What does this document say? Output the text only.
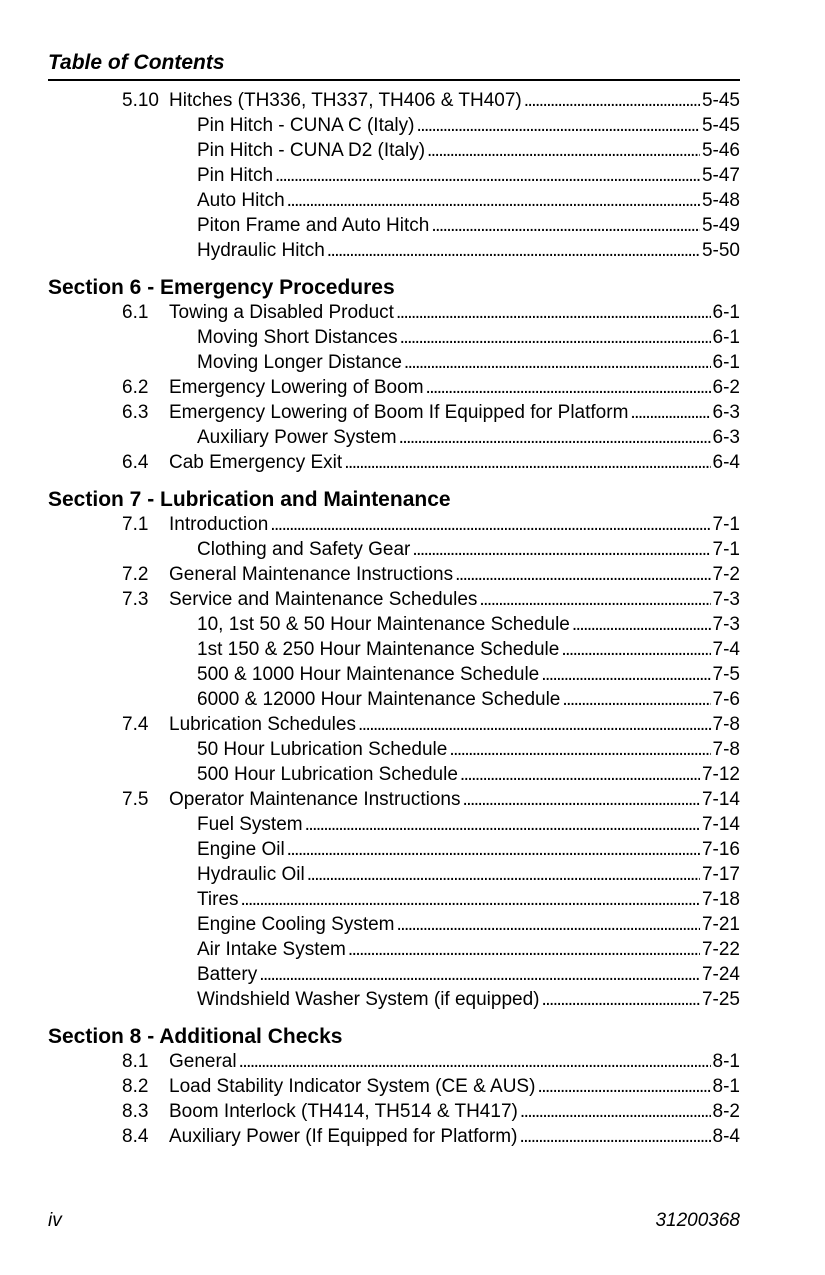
Table of Contents
5.10 Hitches (TH336, TH337, TH406 & TH407) . . .	5-45
Pin Hitch - CUNA C (Italy) . . .	5-45
Pin Hitch - CUNA D2 (Italy) . . .	5-46
Pin Hitch . . .	5-47
Auto Hitch . . .	5-48
Piton Frame and Auto Hitch . . .	5-49
Hydraulic Hitch . . .	5-50
Section 6 - Emergency Procedures
6.1 Towing a Disabled Product . . .	6-1
Moving Short Distances . . .	6-1
Moving Longer Distance . . .	6-1
6.2 Emergency Lowering of Boom . . .	6-2
6.3 Emergency Lowering of Boom If Equipped for Platform . . .	6-3
Auxiliary Power System . . .	6-3
6.4 Cab Emergency Exit . . .	6-4
Section 7 - Lubrication and Maintenance
7.1 Introduction . . .	7-1
Clothing and Safety Gear . . .	7-1
7.2 General Maintenance Instructions . . .	7-2
7.3 Service and Maintenance Schedules . . .	7-3
10, 1st 50 & 50 Hour Maintenance Schedule . . .	7-3
1st 150 & 250 Hour Maintenance Schedule . . .	7-4
500 & 1000 Hour Maintenance Schedule . . .	7-5
6000 & 12000 Hour Maintenance Schedule . . .	7-6
7.4 Lubrication Schedules . . .	7-8
50 Hour Lubrication Schedule . . .	7-8
500 Hour Lubrication Schedule . . .	7-12
7.5 Operator Maintenance Instructions . . .	7-14
Fuel System . . .	7-14
Engine Oil . . .	7-16
Hydraulic Oil . . .	7-17
Tires . . .	7-18
Engine Cooling System . . .	7-21
Air Intake System . . .	7-22
Battery . . .	7-24
Windshield Washer System (if equipped) . . .	7-25
Section 8 - Additional Checks
8.1 General . . .	8-1
8.2 Load Stability Indicator System (CE & AUS) . . .	8-1
8.3 Boom Interlock (TH414, TH514 & TH417) . . .	8-2
8.4 Auxiliary Power (If Equipped for Platform) . . .	8-4
iv	31200368
